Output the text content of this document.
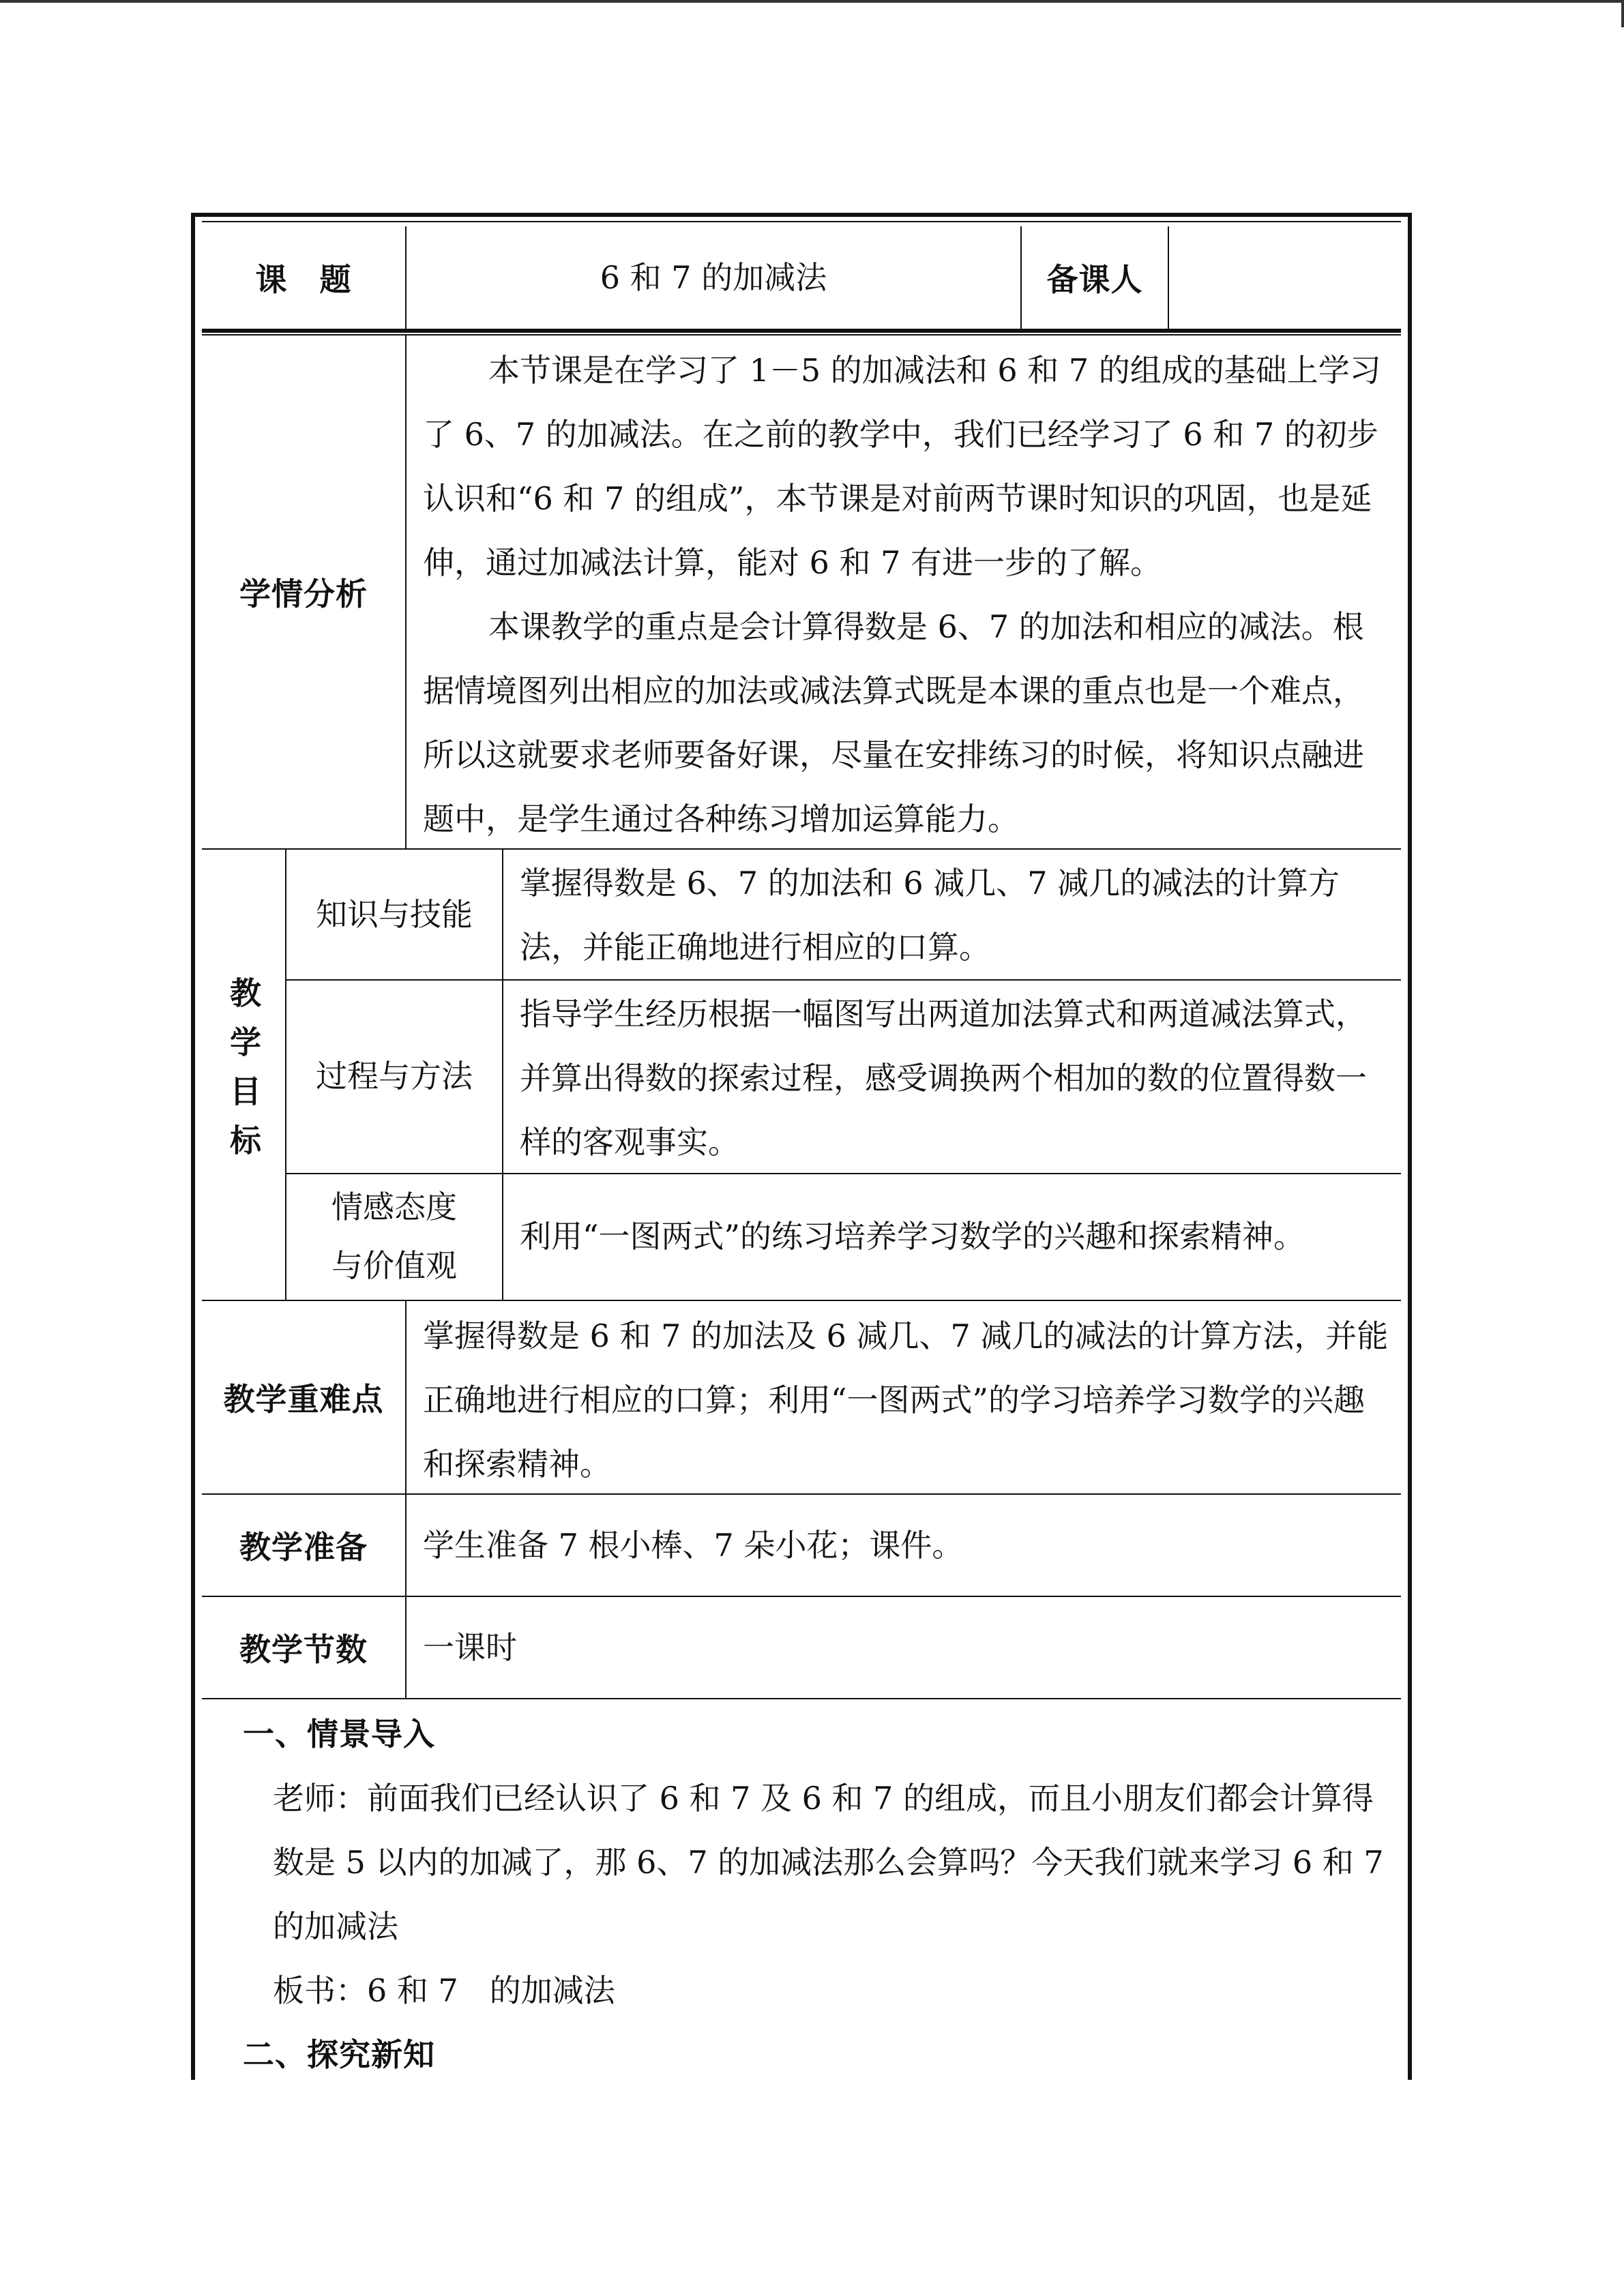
课　题	6 和 7 的加减法	备课人
学情分析
本节课是在学习了 1－5 的加减法和 6 和 7 的组成的基础上学习了 6、7 的加减法。在之前的教学中，我们已经学习了 6 和 7 的初步认识和“6 和 7 的组成”，本节课是对前两节课时知识的巩固，也是延伸，通过加减法计算，能对 6 和 7 有进一步的了解。
本课教学的重点是会计算得数是 6、7 的加法和相应的减法。根据情境图列出相应的加法或减法算式既是本课的重点也是一个难点，所以这就要求老师要备好课，尽量在安排练习的时候，将知识点融进题中，是学生通过各种练习增加运算能力。
教学目标
知识与技能
掌握得数是 6、7 的加法和 6 减几、7 减几的减法的计算方法，并能正确地进行相应的口算。
过程与方法
指导学生经历根据一幅图写出两道加法算式和两道减法算式，并算出得数的探索过程，感受调换两个相加的数的位置得数一样的客观事实。
情感态度与价值观
利用“一图两式”的练习培养学习数学的兴趣和探索精神。
教学重难点
掌握得数是 6 和 7 的加法及 6 减几、7 减几的减法的计算方法，并能正确地进行相应的口算；利用“一图两式”的学习培养学习数学的兴趣和探索精神。
教学准备 学生准备 7 根小棒、7 朵小花；课件。
教学节数 一课时
一、情景导入
老师：前面我们已经认识了 6 和 7 及 6 和 7 的组成，而且小朋友们都会计算得数是 5 以内的加减了，那 6、7 的加减法那么会算吗？今天我们就来学习 6 和 7 的加减法
板书：6 和 7　的加减法
二、探究新知
